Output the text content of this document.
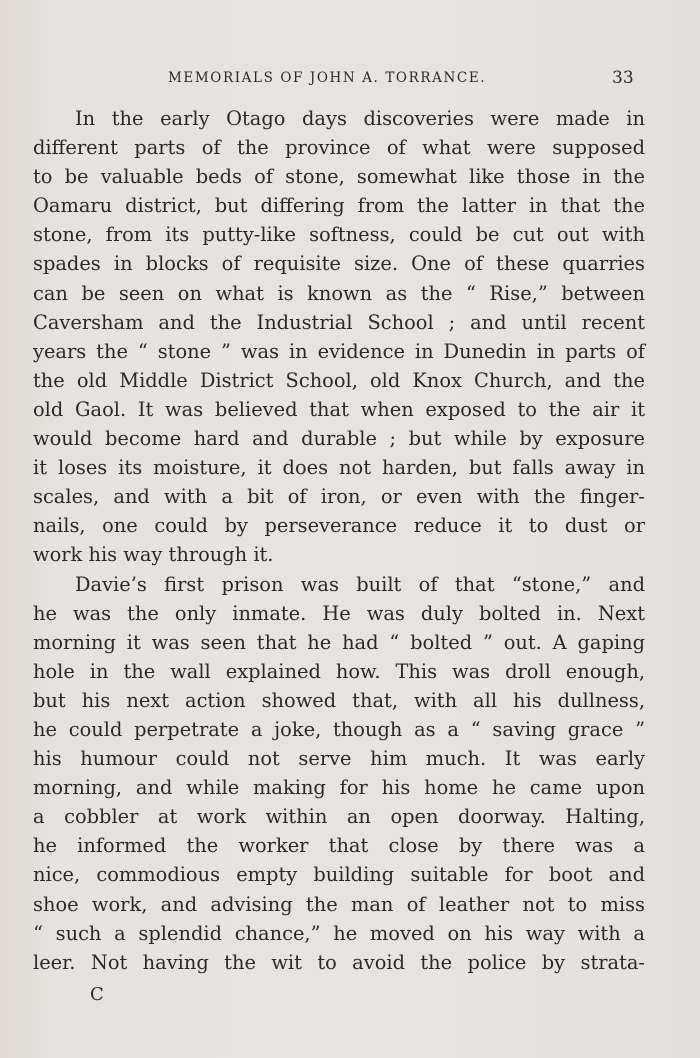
MEMORIALS OF JOHN A. TORRANCE.	33
In the early Otago days discoveries were made in
different parts of the province of what were supposed
to be valuable beds of stone, somewhat like those in the
Oamaru district, but differing from the latter in that the
stone, from its putty-like softness, could be cut out with
spades in blocks of requisite size. One of these quarries
can be seen on what is known as the “ Rise,” between
Caversham and the Industrial School ; and until recent
years the “ stone ” was in evidence in Dunedin in parts of
the old Middle District School, old Knox Church, and the
old Gaol. It was believed that when exposed to the air it
would become hard and durable ; but while by exposure
it loses its moisture, it does not harden, but falls away in
scales, and with a bit of iron, or even with the finger-
nails, one could by perseverance reduce it to dust or
work his way through it.
Davie’s first prison was built of that “stone,” and
he was the only inmate. He was duly bolted in. Next
morning it was seen that he had “ bolted ” out. A gaping
hole in the wall explained how. This was droll enough,
but his next action showed that, with all his dullness,
he could perpetrate a joke, though as a “ saving grace ”
his humour could not serve him much. It was early
morning, and while making for his home he came upon
a cobbler at work within an open doorway. Halting,
he informed the worker that close by there was a
nice, commodious empty building suitable for boot and
shoe work, and advising the man of leather not to miss
“ such a splendid chance,” he moved on his way with a
leer. Not having the wit to avoid the police by strata-
C
